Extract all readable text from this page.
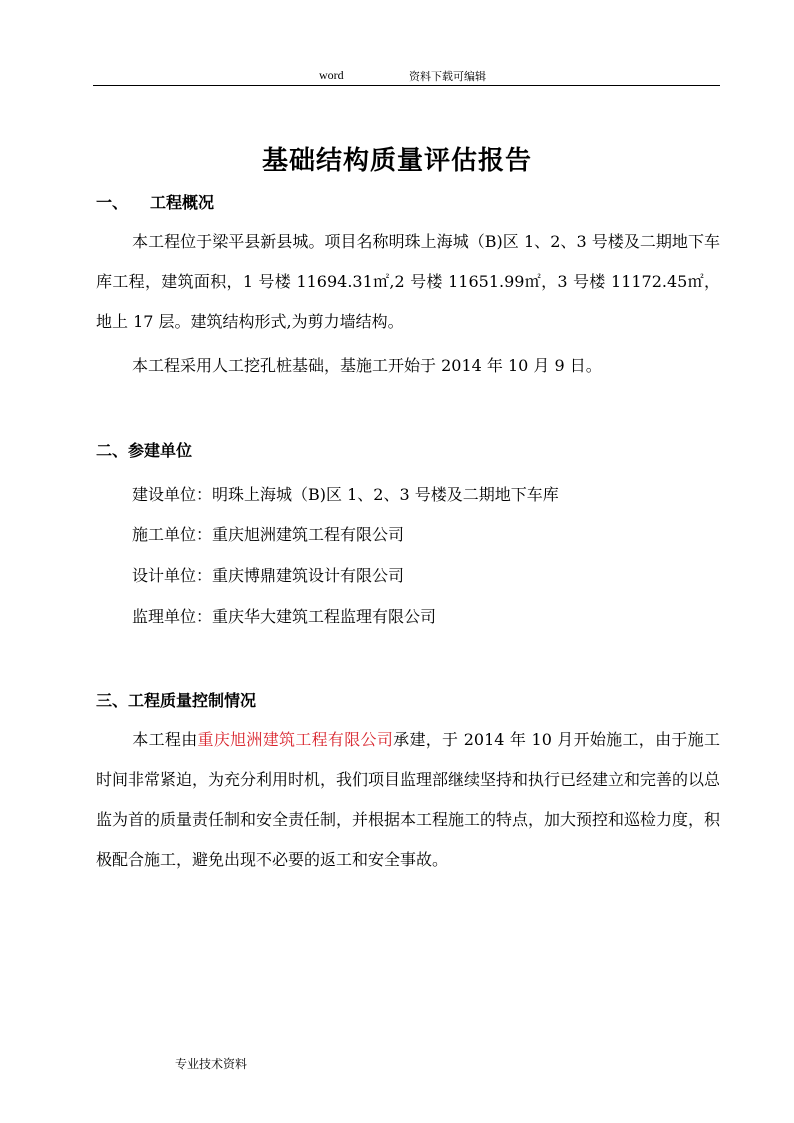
word	资料下载可编辑
基础结构质量评估报告
一、 工程概况
本工程位于梁平县新县城。项目名称明珠上海城（B)区 1、2、3 号楼及二期地下车库工程，建筑面积，1 号楼 11694.31㎡,2 号楼 11651.99㎡，3 号楼 11172.45㎡，地上 17 层。建筑结构形式,为剪力墙结构。
本工程采用人工挖孔桩基础，基施工开始于 2014 年 10 月 9 日。
二、参建单位
建设单位：明珠上海城（B)区 1、2、3 号楼及二期地下车库
施工单位：重庆旭洲建筑工程有限公司
设计单位：重庆博鼎建筑设计有限公司
监理单位：重庆华大建筑工程监理有限公司
三、工程质量控制情况
本工程由重庆旭洲建筑工程有限公司承建，于 2014 年 10 月开始施工，由于施工时间非常紧迫，为充分利用时机，我们项目监理部继续坚持和执行已经建立和完善的以总监为首的质量责任制和安全责任制，并根据本工程施工的特点，加大预控和巡检力度，积极配合施工，避免出现不必要的返工和安全事故。
专业技术资料
